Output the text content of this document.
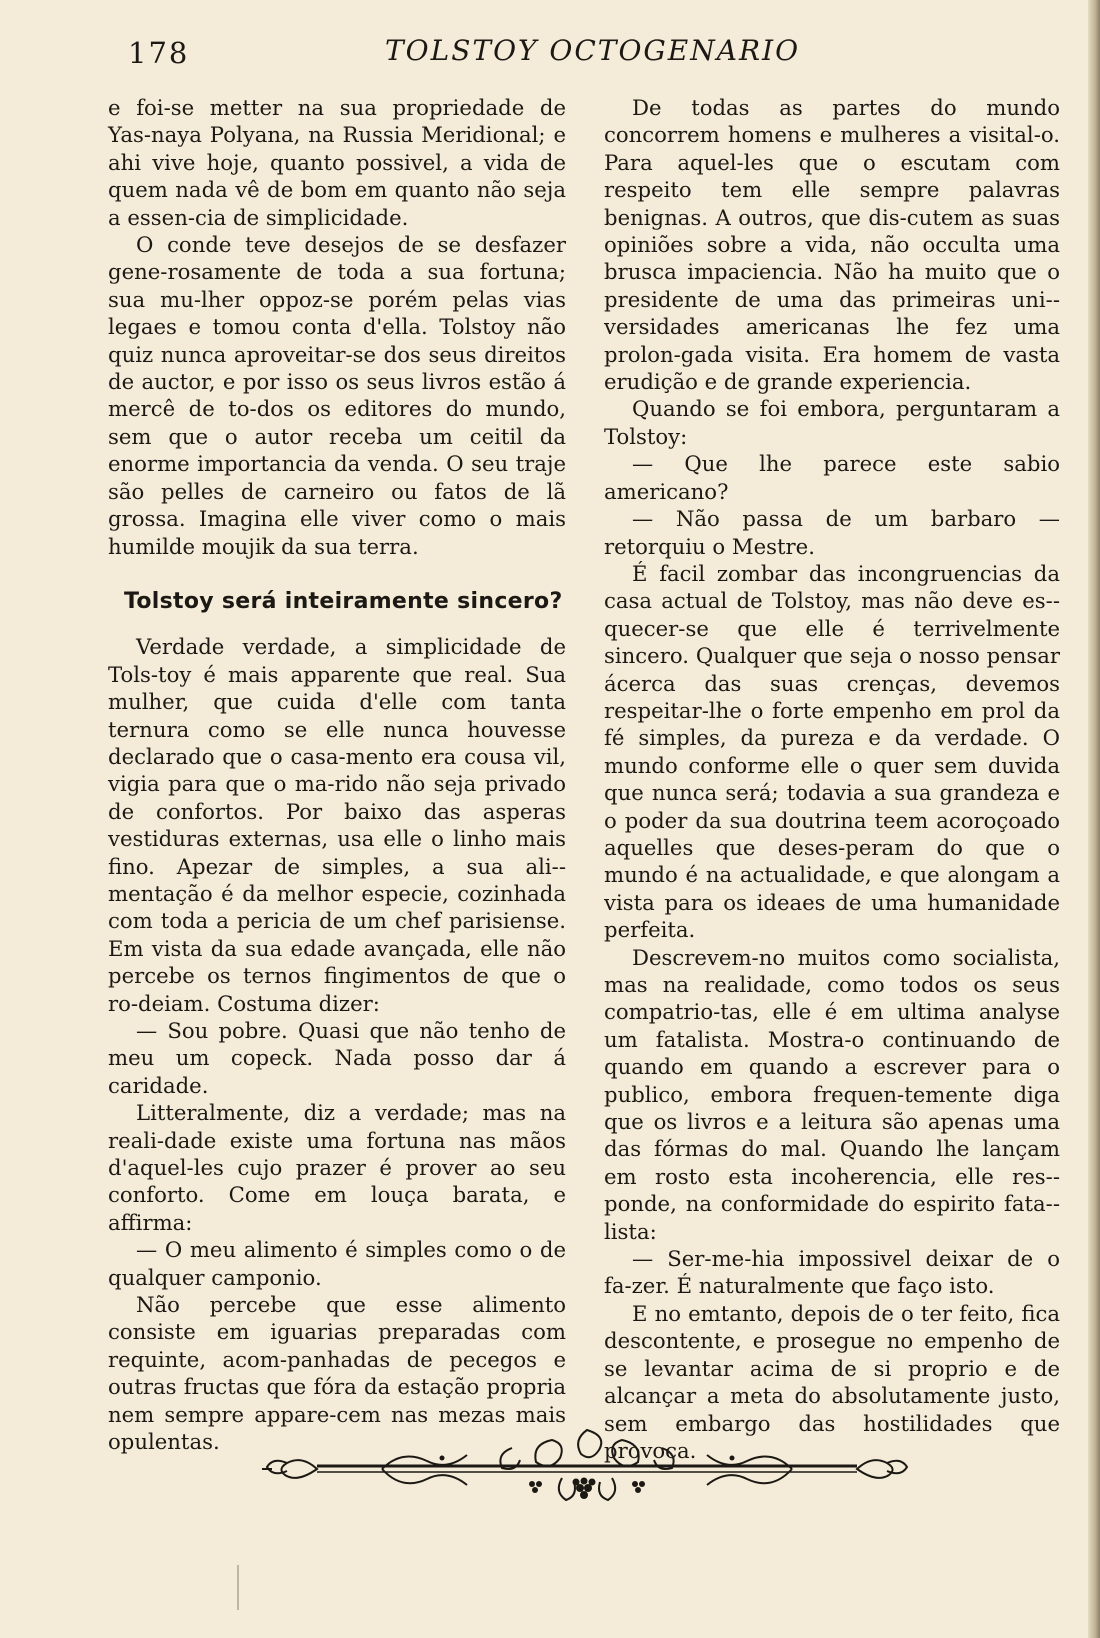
178	TOLSTOY OCTOGENARIO

e foi-se metter na sua propriedade de Yas-naya Polyana, na Russia Meridional; e ahi vive hoje, quanto possivel, a vida de quem nada vê de bom em quanto não seja a essen-cia de simplicidade.

O conde teve desejos de se desfazer gene-rosamente de toda a sua fortuna; sua mu-lher oppoz-se porém pelas vias legaes e tomou conta d'ella. Tolstoy não quiz nunca aproveitar-se dos seus direitos de auctor, e por isso os seus livros estão á mercê de to-dos os editores do mundo, sem que o autor receba um ceitil da enorme importancia da venda. O seu traje são pelles de carneiro ou fatos de lã grossa. Imagina elle viver como o mais humilde moujik da sua terra.

Tolstoy será inteiramente sincero?

Verdade verdade, a simplicidade de Tols-toy é mais apparente que real. Sua mulher, que cuida d'elle com tanta ternura como se elle nunca houvesse declarado que o casa-mento era cousa vil, vigia para que o ma-rido não seja privado de confortos. Por baixo das asperas vestiduras externas, usa elle o linho mais fino. Apezar de simples, a sua ali-mentação é da melhor especie, cozinhada com toda a pericia de um chef parisiense. Em vista da sua edade avançada, elle não percebe os ternos fingimentos de que o ro-deiam. Costuma dizer:

— Sou pobre. Quasi que não tenho de meu um copeck. Nada posso dar á caridade.

Litteralmente, diz a verdade; mas na reali-dade existe uma fortuna nas mãos d'aquel-les cujo prazer é prover ao seu conforto. Come em louça barata, e affirma:

— O meu alimento é simples como o de qualquer camponio.

Não percebe que esse alimento consiste em iguarias preparadas com requinte, acom-panhadas de pecegos e outras fructas que fóra da estação propria nem sempre appare-cem nas mezas mais opulentas.

De todas as partes do mundo concorrem homens e mulheres a visital-o. Para aquel-les que o escutam com respeito tem elle sempre palavras benignas. A outros, que dis-cutem as suas opiniões sobre a vida, não occulta uma brusca impaciencia. Não ha muito que o presidente de uma das primeiras uni-versidades americanas lhe fez uma prolon-gada visita. Era homem de vasta erudição e de grande experiencia.

Quando se foi embora, perguntaram a Tolstoy:

— Que lhe parece este sabio americano?

— Não passa de um barbaro — retorquiu o Mestre.

É facil zombar das incongruencias da casa actual de Tolstoy, mas não deve es-quecer-se que elle é terrivelmente sincero. Qualquer que seja o nosso pensar ácerca das suas crenças, devemos respeitar-lhe o forte empenho em prol da fé simples, da pureza e da verdade. O mundo conforme elle o quer sem duvida que nunca será; todavia a sua grandeza e o poder da sua doutrina teem acoroçoado aquelles que deses-peram do que o mundo é na actualidade, e que alongam a vista para os ideaes de uma humanidade perfeita.

Descrevem-no muitos como socialista, mas na realidade, como todos os seus compatrio-tas, elle é em ultima analyse um fatalista. Mostra-o continuando de quando em quando a escrever para o publico, embora frequen-temente diga que os livros e a leitura são apenas uma das fórmas do mal. Quando lhe lançam em rosto esta incoherencia, elle res-ponde, na conformidade do espirito fata-lista:

— Ser-me-hia impossivel deixar de o fa-zer. É naturalmente que faço isto.

E no emtanto, depois de o ter feito, fica descontente, e prosegue no empenho de se levantar acima de si proprio e de alcançar a meta do absolutamente justo, sem embargo das hostilidades que provoca.
